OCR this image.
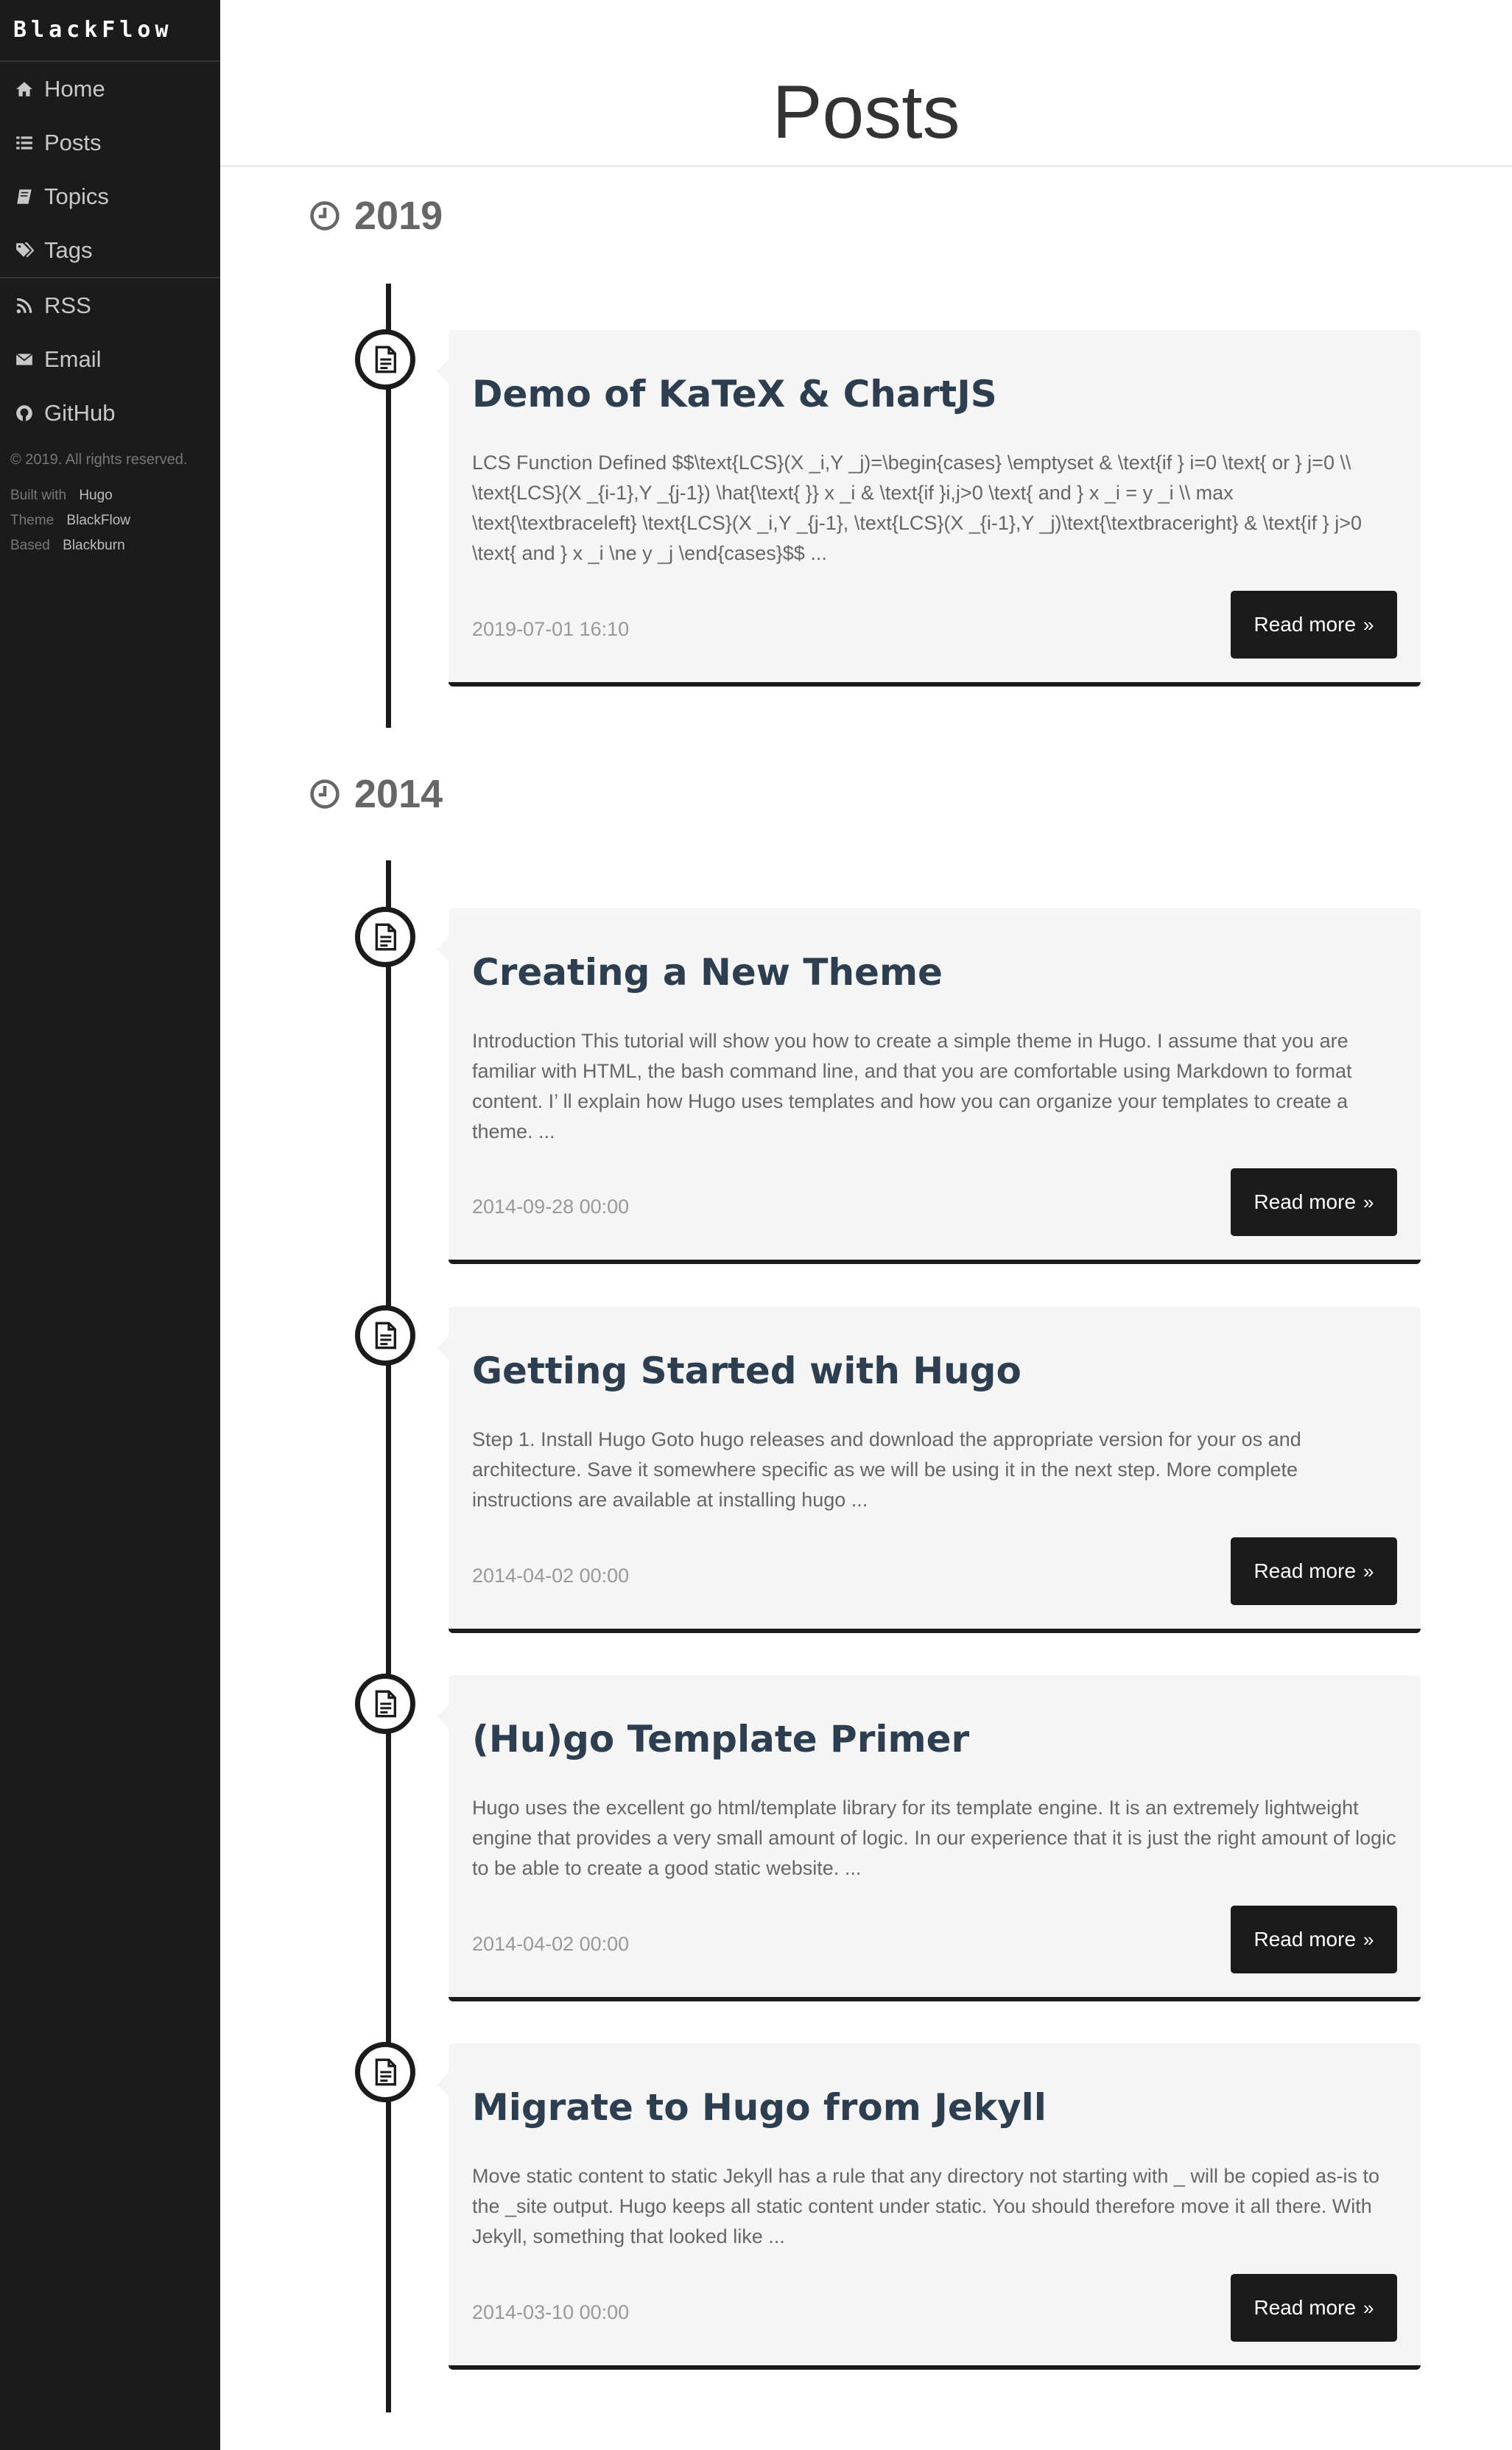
BlackFlow
Home
Posts
Topics
Tags
RSS
Email
GitHub
© 2019. All rights reserved.
Built with Hugo
Theme BlackFlow
Based Blackburn
Posts
2019
Demo of KaTeX & ChartJS

LCS Function Defined $$\text{LCS}(X _i,Y _j)=\begin{cases} \emptyset & \text{if } i=0 \text{ or } j=0 \\ \text{LCS}(X _{i-1},Y _{j-1}) \hat{\text{ }} x _i & \text{if }i,j>0 \text{ and } x _i = y _i \\ max \text{\textbraceleft} \text{LCS}(X _i,Y _{j-1}, \text{LCS}(X _{i-1},Y _j)\text{\textbraceright} & \text{if } j>0 \text{ and } x _i \ne y _j \end{cases}$$ ...

2019-07-01 16:10	Read more »
2014
Creating a New Theme

Introduction This tutorial will show you how to create a simple theme in Hugo. I assume that you are familiar with HTML, the bash command line, and that you are comfortable using Markdown to format content. I’ ll explain how Hugo uses templates and how you can organize your templates to create a theme. ...

2014-09-28 00:00	Read more »
Getting Started with Hugo

Step 1. Install Hugo Goto hugo releases and download the appropriate version for your os and architecture. Save it somewhere specific as we will be using it in the next step. More complete instructions are available at installing hugo ...

2014-04-02 00:00	Read more »
(Hu)go Template Primer

Hugo uses the excellent go html/template library for its template engine. It is an extremely lightweight engine that provides a very small amount of logic. In our experience that it is just the right amount of logic to be able to create a good static website. ...

2014-04-02 00:00	Read more »
Migrate to Hugo from Jekyll

Move static content to static Jekyll has a rule that any directory not starting with _ will be copied as-is to the _site output. Hugo keeps all static content under static. You should therefore move it all there. With Jekyll, something that looked like ...

2014-03-10 00:00	Read more »
